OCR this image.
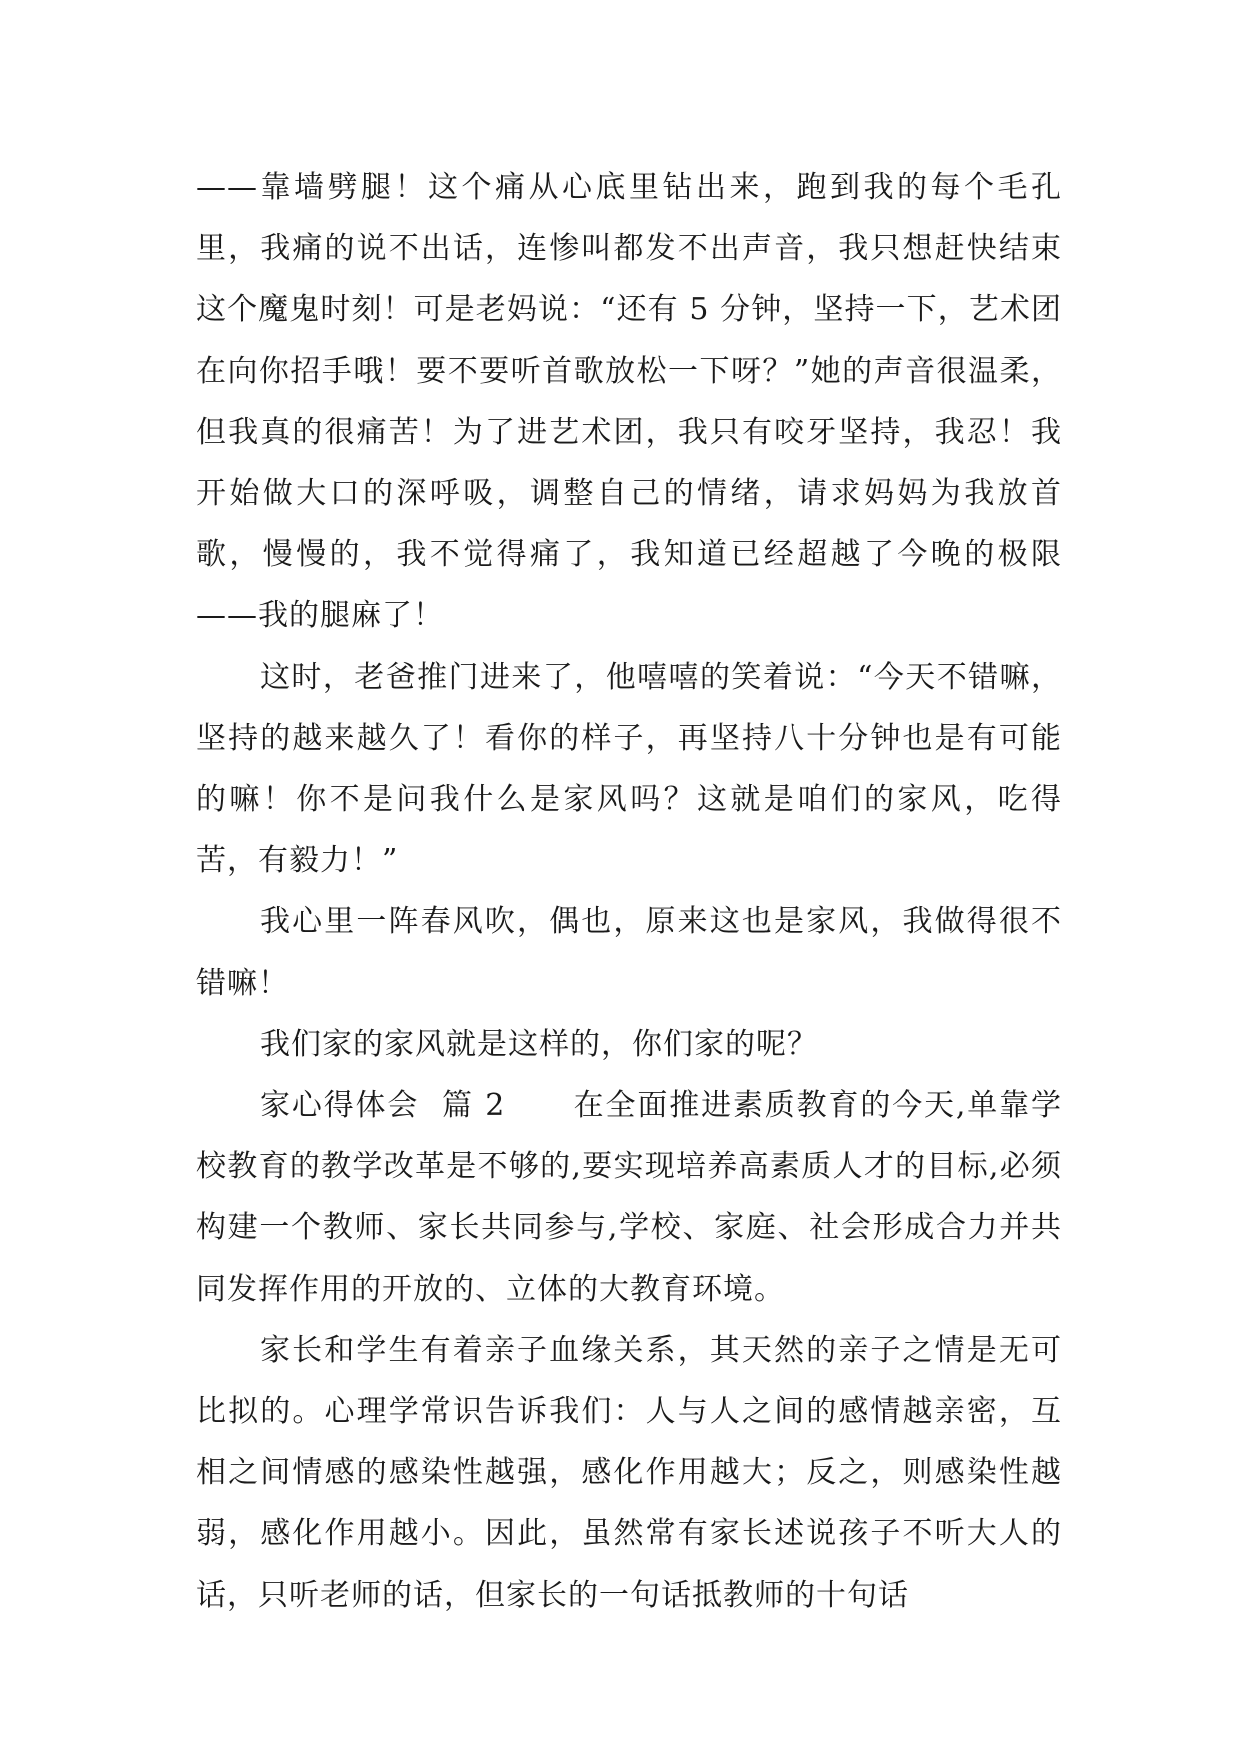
——靠墙劈腿！这个痛从心底里钻出来，跑到我的每个毛孔里，我痛的说不出话，连惨叫都发不出声音，我只想赶快结束这个魔鬼时刻！可是老妈说：“还有 5 分钟，坚持一下，艺术团在向你招手哦！要不要听首歌放松一下呀？”她的声音很温柔，但我真的很痛苦！为了进艺术团，我只有咬牙坚持，我忍！我开始做大口的深呼吸，调整自己的情绪，请求妈妈为我放首歌，慢慢的，我不觉得痛了，我知道已经超越了今晚的极限——我的腿麻了！

这时，老爸推门进来了，他嘻嘻的笑着说：“今天不错嘛，坚持的越来越久了！看你的样子，再坚持八十分钟也是有可能的嘛！你不是问我什么是家风吗？这就是咱们的家风，吃得苦，有毅力！”

我心里一阵春风吹，偶也，原来这也是家风，我做得很不错嘛！

我们家的家风就是这样的，你们家的呢？

家心得体会  篇 2      在全面推进素质教育的今天,单靠学校教育的教学改革是不够的,要实现培养高素质人才的目标,必须构建一个教师、家长共同参与,学校、家庭、社会形成合力并共同发挥作用的开放的、立体的大教育环境。

家长和学生有着亲子血缘关系，其天然的亲子之情是无可比拟的。心理学常识告诉我们：人与人之间的感情越亲密，互相之间情感的感染性越强，感化作用越大；反之，则感染性越弱，感化作用越小。因此，虽然常有家长述说孩子不听大人的话，只听老师的话，但家长的一句话抵教师的十句话
